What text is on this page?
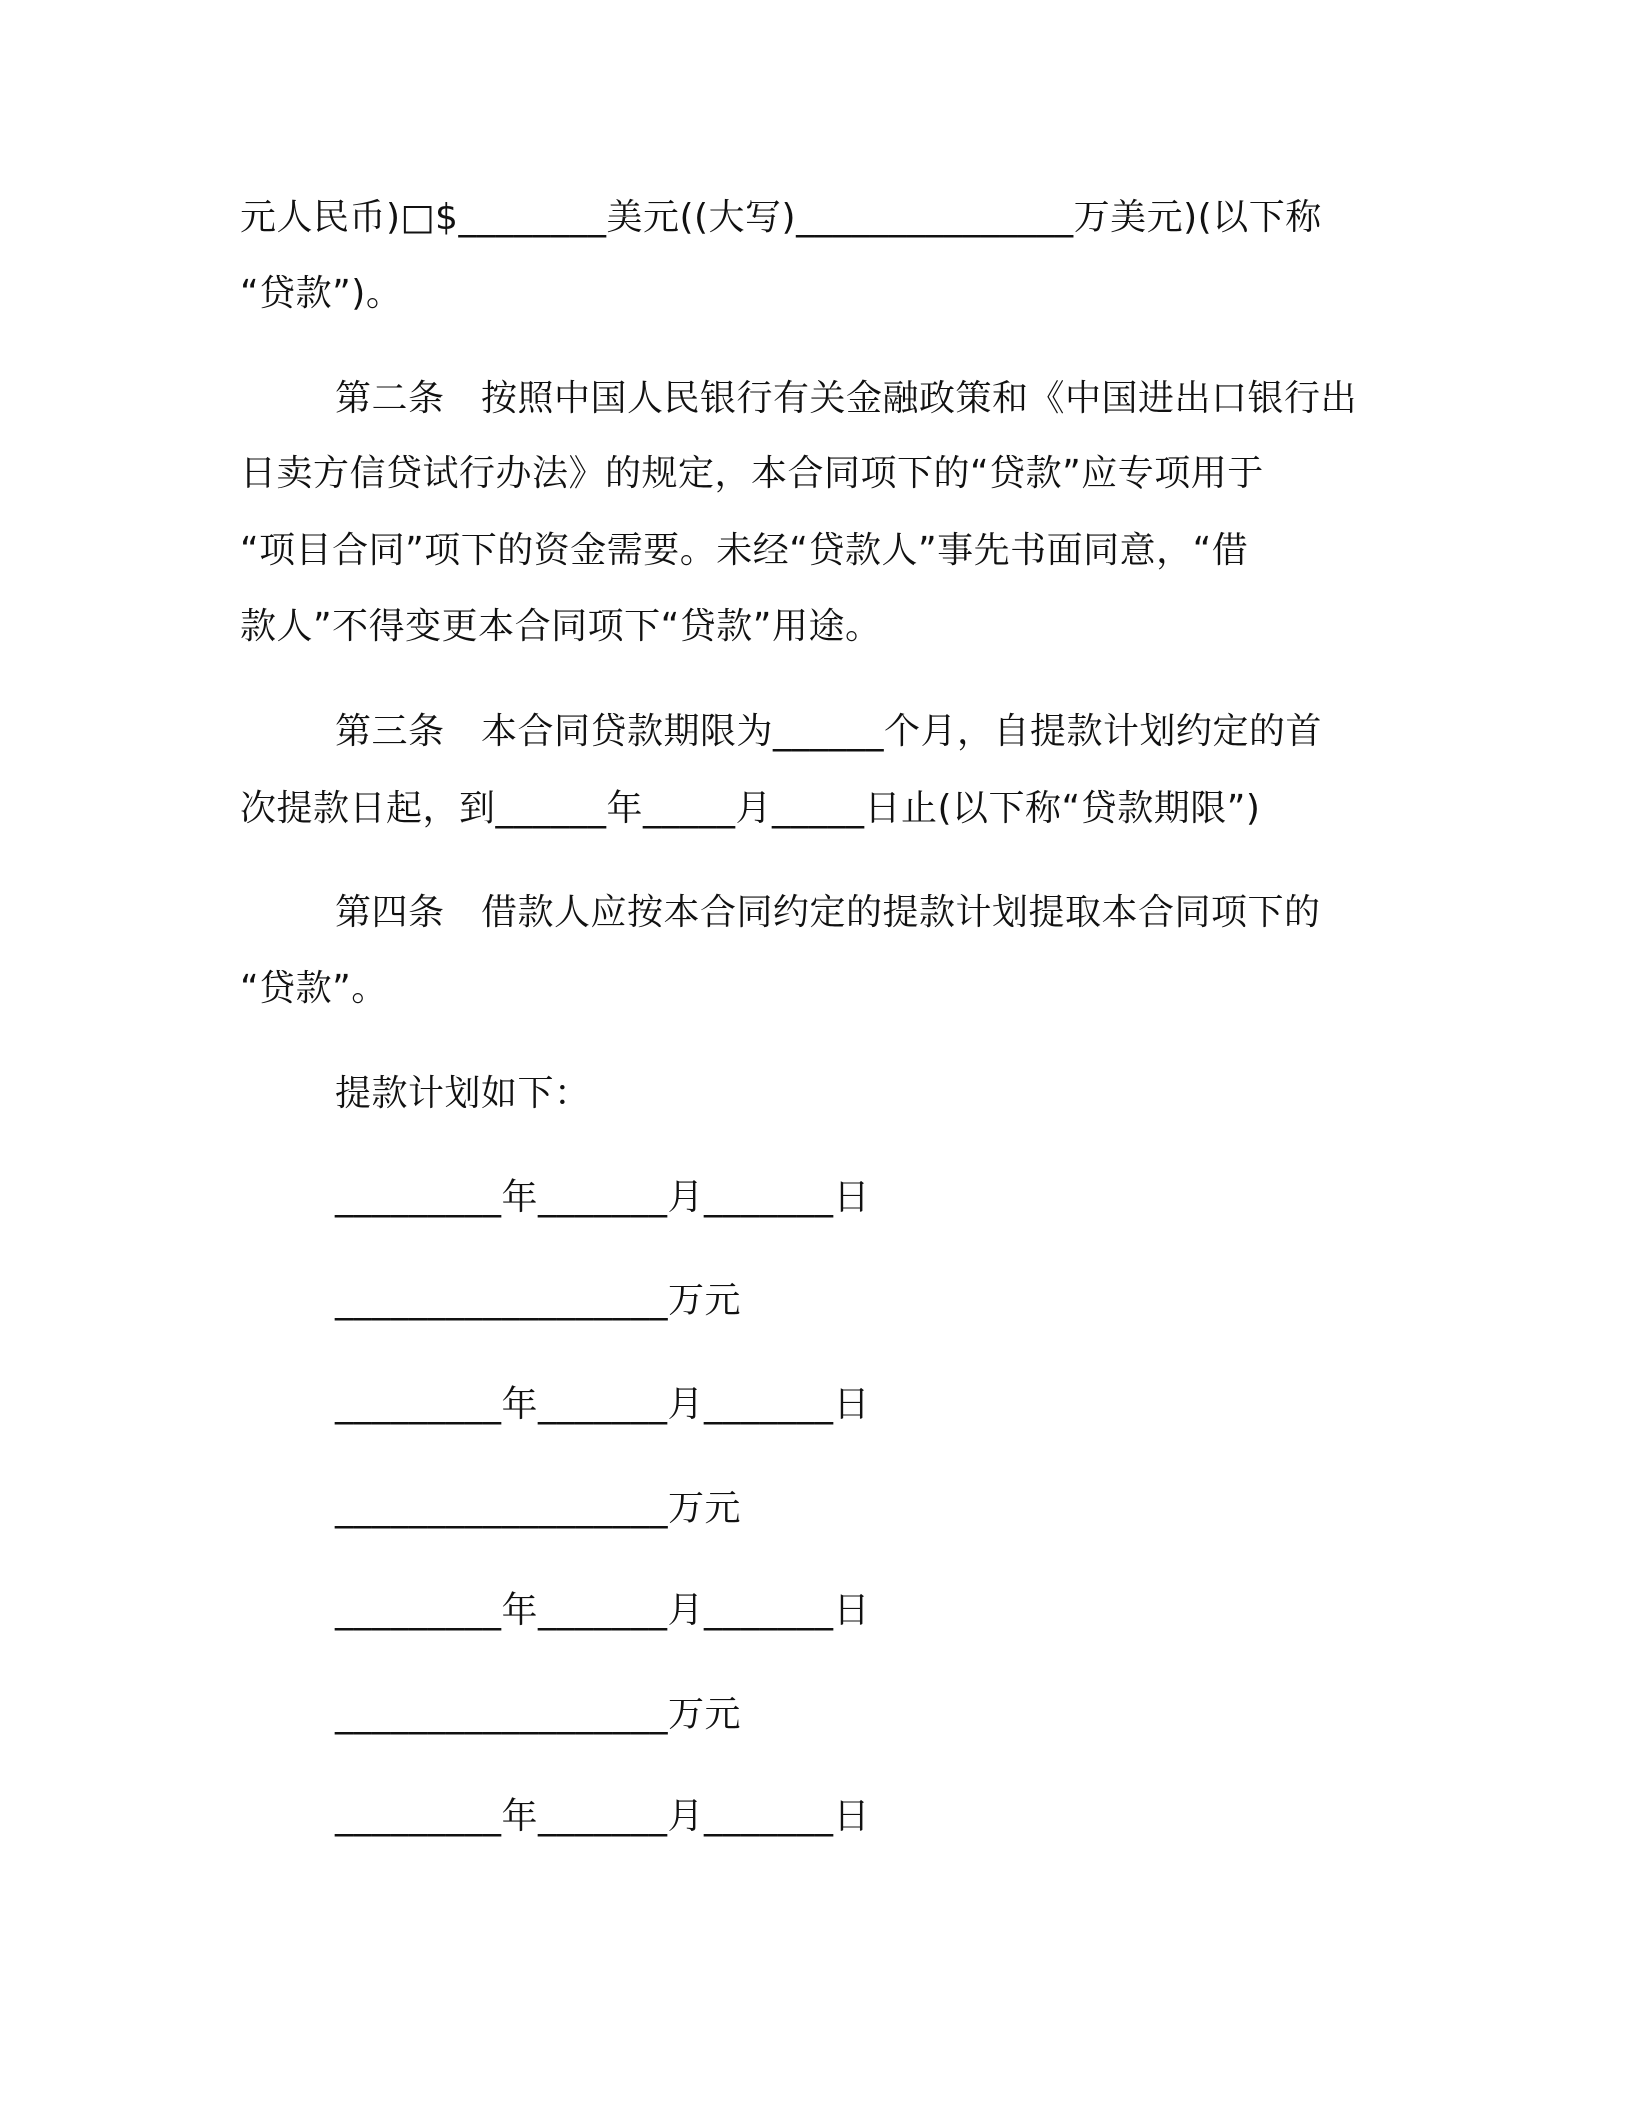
元人民币)□$________美元((大写)_______________万美元)(以下称
“贷款”)。
第二条　按照中国人民银行有关金融政策和《中国进出口银行出
日卖方信贷试行办法》的规定，本合同项下的“贷款”应专项用于
“项目合同”项下的资金需要。未经“贷款人”事先书面同意，“借
款人”不得变更本合同项下“贷款”用途。
第三条　本合同贷款期限为______个月，自提款计划约定的首
次提款日起，到______年_____月_____日止(以下称“贷款期限”)
第四条　借款人应按本合同约定的提款计划提取本合同项下的
“贷款”。
提款计划如下：
_________年_______月_______日
__________________万元
_________年_______月_______日
__________________万元
_________年_______月_______日
__________________万元
_________年_______月_______日
